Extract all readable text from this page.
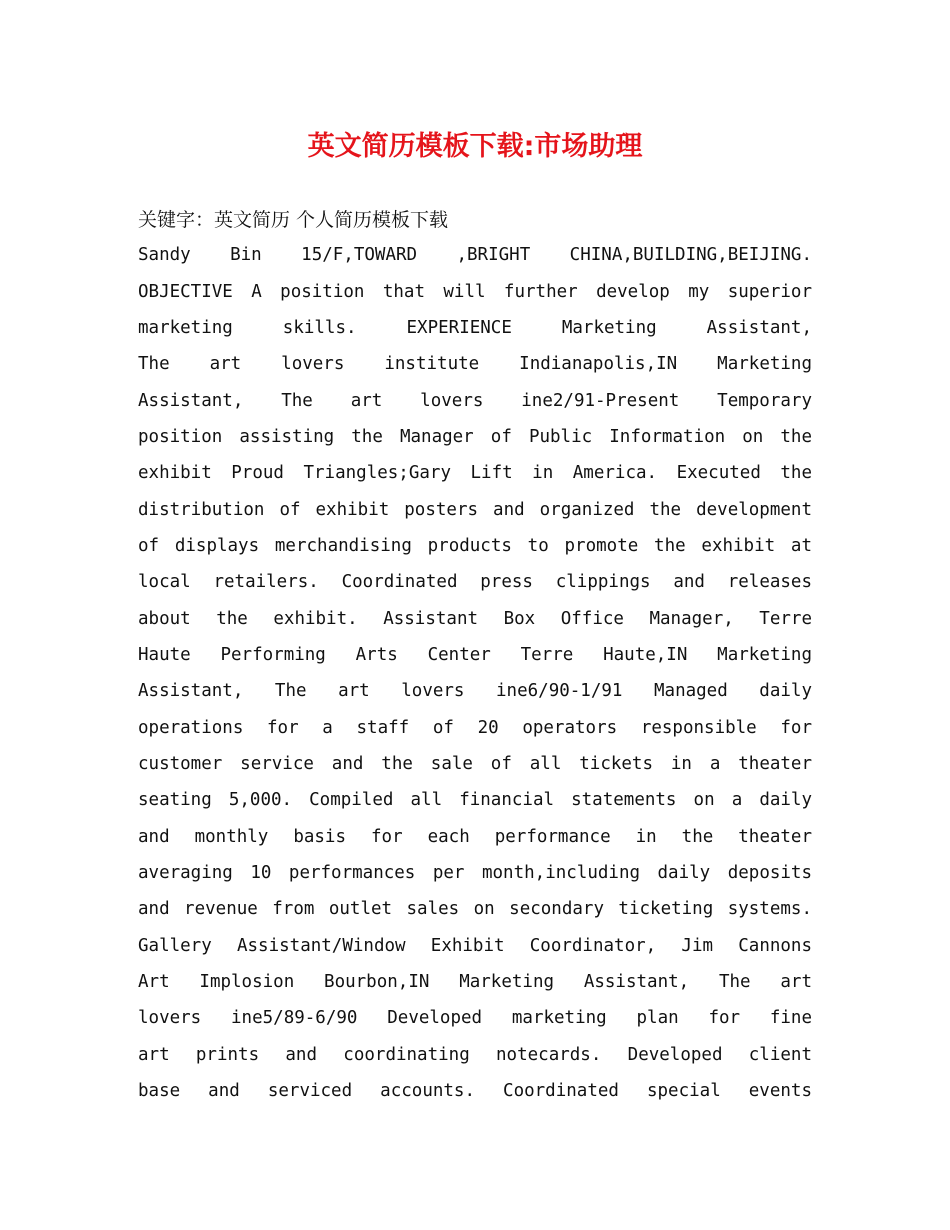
英文简历模板下载:市场助理

关键字：英文简历 个人简历模板下载

Sandy Bin 15/F,TOWARD ,BRIGHT CHINA,BUILDING,BEIJING.

OBJECTIVE A position that will further develop my superior

marketing skills. EXPERIENCE Marketing Assistant,

The art lovers institute Indianapolis,IN Marketing

Assistant, The art lovers ine2/91-Present Temporary

position assisting the Manager of Public Information on the

exhibit Proud Triangles;Gary Lift in America. Executed the

distribution of exhibit posters and organized the development

of displays merchandising products to promote the exhibit at

local retailers. Coordinated press clippings and releases

about the exhibit. Assistant Box Office Manager, Terre

Haute Performing Arts Center Terre Haute,IN Marketing

Assistant, The art lovers ine6/90-1/91 Managed daily

operations for a staff of 20 operators responsible for

customer service and the sale of all tickets in a theater

seating 5,000. Compiled all financial statements on a daily

and monthly basis for each performance in the theater

averaging 10 performances per month,including daily deposits

and revenue from outlet sales on secondary ticketing systems.

Gallery Assistant/Window Exhibit Coordinator, Jim Cannons

Art Implosion Bourbon,IN Marketing Assistant, The art

lovers ine5/89-6/90 Developed marketing plan for fine

art prints and coordinating notecards. Developed client

base and serviced accounts. Coordinated special events
